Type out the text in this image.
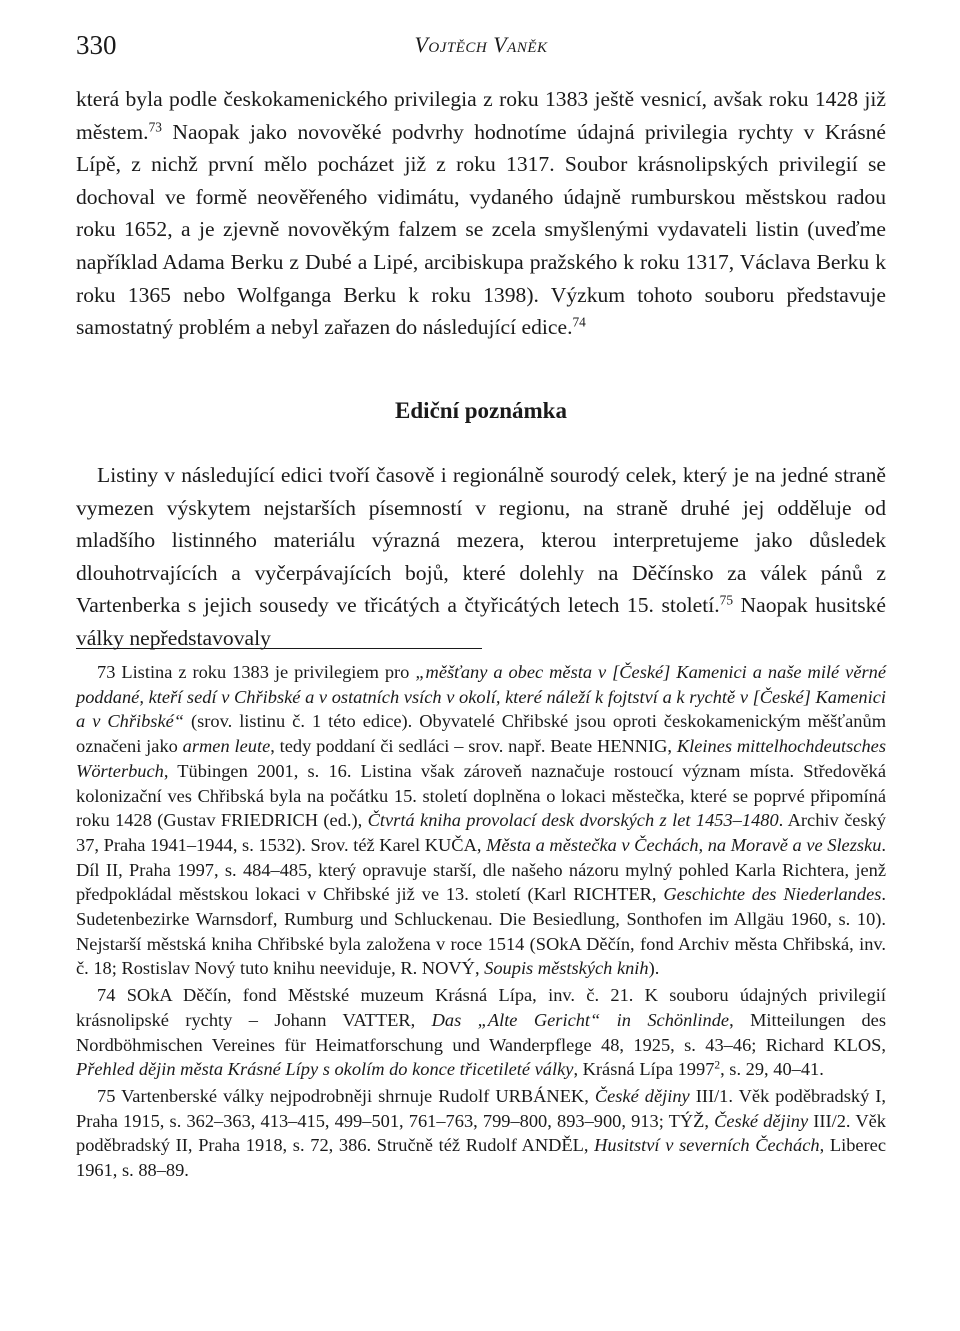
330	Vojtěch Vaněk

která byla podle českokamenického privilegia z roku 1383 ještě vesnicí, avšak roku 1428 již městem.$^{73}$ Naopak jako novověké podvrhy hodnotíme údajná privilegia rychty v Krásné Lípě, z nichž první mělo pocházet již z roku 1317. Soubor krásnolipských privilegií se dochoval ve formě neověřeného vidimátu, vydaného údajně rumburskou městskou radou roku 1652, a je zjevně novověkým falzem se zcela smyšlenými vydavateli listin (uveďme například Adama Berku z Dubé a Lipé, arcibiskupa pražského k roku 1317, Václava Berku k roku 1365 nebo Wolfganga Berku k roku 1398). Výzkum tohoto souboru představuje samostatný problém a nebyl zařazen do následující edice.$^{74}$

Ediční poznámka

Listiny v následující edici tvoří časově i regionálně sourodý celek, který je na jedné straně vymezen výskytem nejstarších písemností v regionu, na straně druhé jej odděluje od mladšího listinného materiálu výrazná mezera, kterou interpretujeme jako důsledek dlouhotrvajících a vyčerpávajících bojů, které dolehly na Děčínsko za válek pánů z Vartenberka s jejich sousedy ve třicátých a čtyřicátých letech 15. století.$^{75}$ Naopak husitské války nepředstavovaly

73 Listina z roku 1383 je privilegiem pro „měšťany a obec města v [České] Kamenici a naše milé věrné poddané, kteří sedí v Chřibské a v ostatních vsích v okolí, které náleží k fojtství a k rychtě v [České] Kamenici a v Chřibské“ (srov. listinu č. 1 této edice). Obyvatelé Chřibské jsou oproti českokamenickým měšťanům označeni jako armen leute, tedy poddaní či sedláci – srov. např. Beate HENNIG, Kleines mittelhochdeutsches Wörterbuch, Tübingen 2001, s. 16. Listina však zároveň naznačuje rostoucí význam místa. Středověká kolonizační ves Chřibská byla na počátku 15. století doplněna o lokaci městečka, které se poprvé připomíná roku 1428 (Gustav FRIEDRICH (ed.), Čtvrtá kniha provolací desk dvorských z let 1453–1480. Archiv český 37, Praha 1941–1944, s. 1532). Srov. též Karel KUČA, Města a městečka v Čechách, na Moravě a ve Slezsku. Díl II, Praha 1997, s. 484–485, který opravuje starší, dle našeho názoru mylný pohled Karla Richtera, jenž předpokládal městskou lokaci v Chřibské již ve 13. století (Karl RICHTER, Geschichte des Niederlandes. Sudetenbezirke Warnsdorf, Rumburg und Schluckenau. Die Besiedlung, Sonthofen im Allgäu 1960, s. 10). Nejstarší městská kniha Chřibské byla založena v roce 1514 (SOkA Děčín, fond Archiv města Chřibská, inv. č. 18; Rostislav Nový tuto knihu neeviduje, R. NOVÝ, Soupis městských knih).

74 SOkA Děčín, fond Městské muzeum Krásná Lípa, inv. č. 21. K souboru údajných privilegií krásnolipské rychty – Johann VATTER, Das „Alte Gericht“ in Schönlinde, Mitteilungen des Nordböhmischen Vereines für Heimatforschung und Wanderpflege 48, 1925, s. 43–46; Richard KLOS, Přehled dějin města Krásné Lípy s okolím do konce třicetileté války, Krásná Lípa 1997$^2$, s. 29, 40–41.

75 Vartenberské války nejpodrobněji shrnuje Rudolf URBÁNEK, České dějiny III/1. Věk poděbradský I, Praha 1915, s. 362–363, 413–415, 499–501, 761–763, 799–800, 893–900, 913; TÝŽ, České dějiny III/2. Věk poděbradský II, Praha 1918, s. 72, 386. Stručně též Rudolf ANDĚL, Husitství v severních Čechách, Liberec 1961, s. 88–89.
